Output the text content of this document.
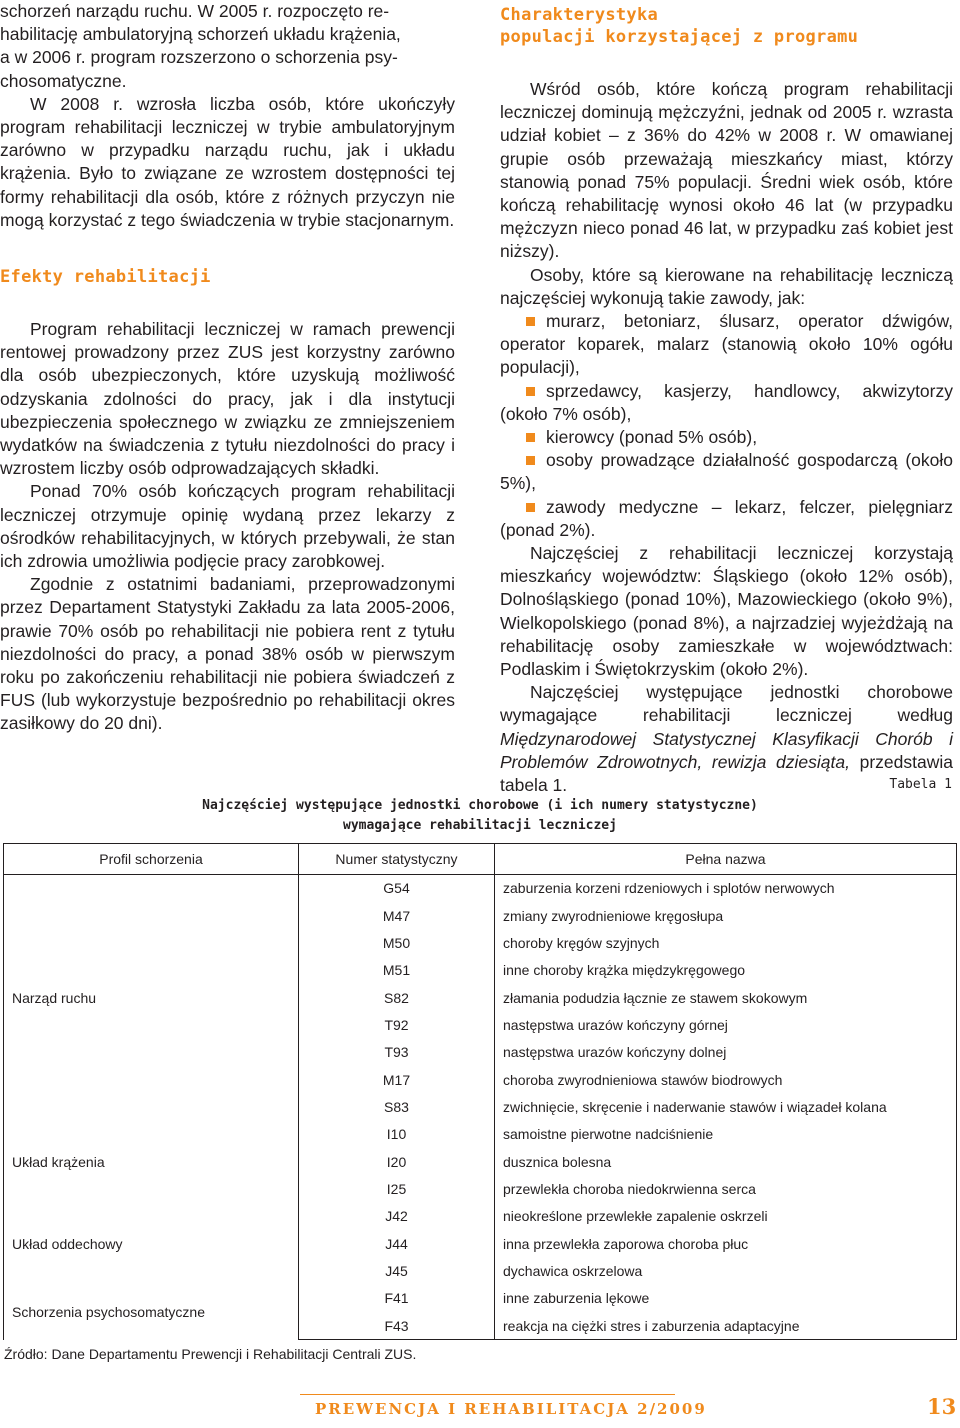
schorzeń narządu ruchu. W 2005 r. rozpoczęto re-
habilitację ambulatoryjną schorzeń układu krążenia,
a w 2006 r. program rozszerzono o schorzenia psy-
chosomatyczne.

W 2008 r. wzrosła liczba osób, które ukończyły program rehabilitacji leczniczej w trybie ambulatoryjnym zarówno w przypadku narządu ruchu, jak i układu krążenia. Było to związane ze wzrostem dostępności tej formy rehabilitacji dla osób, które z różnych przyczyn nie mogą korzystać z tego świadczenia w trybie stacjonarnym.

Efekty rehabilitacji

Program rehabilitacji leczniczej w ramach prewencji rentowej prowadzony przez ZUS jest korzystny zarówno dla osób ubezpieczonych, które uzyskują możliwość odzyskania zdolności do pracy, jak i dla instytucji ubezpieczenia społecznego w związku ze zmniejszeniem wydatków na świadczenia z tytułu niezdolności do pracy i wzrostem liczby osób odprowadzających składki.

Ponad 70% osób kończących program rehabilitacji leczniczej otrzymuje opinię wydaną przez lekarzy z ośrodków rehabilitacyjnych, w których przebywali, że stan ich zdrowia umożliwia podjęcie pracy zarobkowej.

Zgodnie z ostatnimi badaniami, przeprowadzonymi przez Departament Statystyki Zakładu za lata 2005-2006, prawie 70% osób po rehabilitacji nie pobiera rent z tytułu niezdolności do pracy, a ponad 38% osób w pierwszym roku po zakończeniu rehabilitacji nie pobiera świadczeń z FUS (lub wykorzystuje bezpośrednio po rehabilitacji okres zasiłkowy do 20 dni).

Charakterystyka
populacji korzystającej z programu

Wśród osób, które kończą program rehabilitacji leczniczej dominują mężczyźni, jednak od 2005 r. wzrasta udział kobiet – z 36% do 42% w 2008 r. W omawianej grupie osób przeważają mieszkańcy miast, którzy stanowią ponad 75% populacji. Średni wiek osób, które kończą rehabilitację wynosi około 46 lat (w przypadku mężczyzn nieco ponad 46 lat, w przypadku zaś kobiet jest niższy).

Osoby, które są kierowane na rehabilitację leczniczą najczęściej wykonują takie zawody, jak:

murarz, betoniarz, ślusarz, operator dźwigów, operator koparek, malarz (stanowią około 10% ogółu populacji),

sprzedawcy, kasjerzy, handlowcy, akwizytorzy (około 7% osób),

kierowcy (ponad 5% osób),

osoby prowadzące działalność gospodarczą (około 5%),

zawody medyczne – lekarz, felczer, pielęgniarz (ponad 2%).

Najczęściej z rehabilitacji leczniczej korzystają mieszkańcy województw: Śląskiego (około 12% osób), Dolnośląskiego (ponad 10%), Mazowieckiego (około 9%), Wielkopolskiego (ponad 8%), a najrzadziej wyjeżdżają na rehabilitację osoby zamieszkałe w województwach: Podlaskim i Świętokrzyskim (około 2%).

Najczęściej występujące jednostki chorobowe wymagające rehabilitacji leczniczej według Międzynarodowej Statystycznej Klasyfikacji Chorób i Problemów Zdrowotnych, rewizja dziesiąta, przedstawia tabela 1.	Tabela 1
Najczęściej występujące jednostki chorobowe (i ich numery statystyczne)
wymagające rehabilitacji leczniczej
Profil schorzenia	Numer statystyczny	Pełna nazwa
Narząd ruchu	G54	zaburzenia korzeni rdzeniowych i splotów nerwowych
	M47	zmiany zwyrodnieniowe kręgosłupa
	M50	choroby kręgów szyjnych
	M51	inne choroby krążka międzykręgowego
	S82	złamania podudzia łącznie ze stawem skokowym
	T92	następstwa urazów kończyny górnej
	T93	następstwa urazów kończyny dolnej
	M17	choroba zwyrodnieniowa stawów biodrowych
	S83	zwichnięcie, skręcenie i naderwanie stawów i wiązadeł kolana
Układ krążenia	I10	samoistne pierwotne nadciśnienie
	I20	dusznica bolesna
	I25	przewlekła choroba niedokrwienna serca
Układ oddechowy	J42	nieokreślone przewlekłe zapalenie oskrzeli
	J44	inna przewlekła zaporowa choroba płuc
	J45	dychawica oskrzelowa
Schorzenia psychosomatyczne	F41	inne zaburzenia lękowe
	F43	reakcja na ciężki stres i zaburzenia adaptacyjne
Źródło: Dane Departamentu Prewencji i Rehabilitacji Centrali ZUS.
PREWENCJA I REHABILITACJA 2/2009	13
